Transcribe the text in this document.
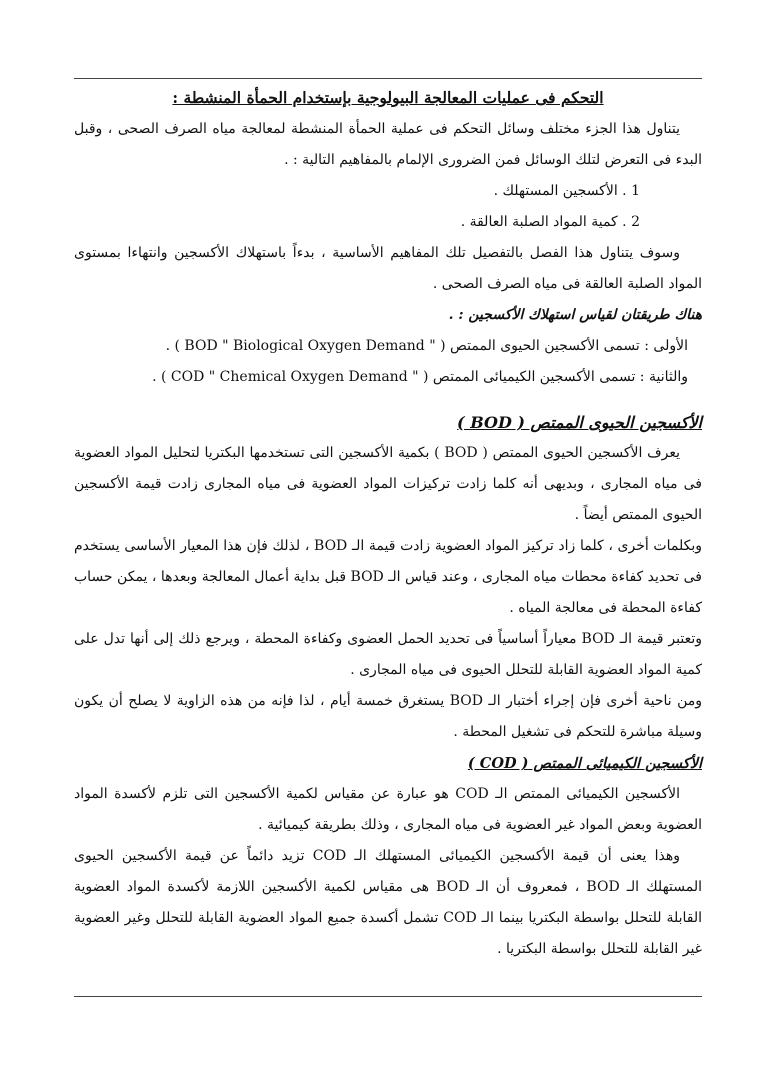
التحكم فى عمليات المعالجة البيولوجية بإستخدام الحمأة المنشطة :

يتناول هذا الجزء مختلف وسائل التحكم فى عملية الحمأة المنشطة لمعالجة مياه الصرف الصحى ، وقبل البدء فى التعرض لتلك الوسائل فمن الضرورى الإلمام بالمفاهيم التالية : .

1 . الأكسجين المستهلك .
2 . كمية المواد الصلبة العالقة .

وسوف يتناول هذا الفصل بالتفصيل تلك المفاهيم الأساسية ، بدءاً باستهلاك الأكسجين وانتهاءا بمستوى المواد الصلبة العالقة فى مياه الصرف الصحى .

هناك طريقتان لقياس استهلاك الأكسجين : .
الأولى : تسمى الأكسجين الحيوى الممتص ( " BOD " Biological Oxygen Demand ) .
والثانية : تسمى الأكسجين الكيميائى الممتص ( " COD " Chemical Oxygen Demand ) .
الأكسجين الحيوى الممتص ( BOD )

يعرف الأكسجين الحيوى الممتص ( BOD ) بكمية الأكسجين التى تستخدمها البكتريا لتحليل المواد العضوية فى مياه المجارى ، وبديهى أنه كلما زادت تركيزات المواد العضوية فى مياه المجارى زادت قيمة الأكسجين الحيوى الممتص أيضاً .

وبكلمات أخرى ، كلما زاد تركيز المواد العضوية زادت قيمة الـ BOD ، لذلك فإن هذا المعيار الأساسى يستخدم فى تحديد كفاءة محطات مياه المجارى ، وعند قياس الـ BOD قبل بداية أعمال المعالجة وبعدها ، يمكن حساب كفاءة المحطة فى معالجة المياه .

وتعتبر قيمة الـ BOD معياراً أساسياً فى تحديد الحمل العضوى وكفاءة المحطة ، ويرجع ذلك إلى أنها تدل على كمية المواد العضوية القابلة للتحلل الحيوى فى مياه المجارى .

ومن ناحية أخرى فإن إجراء أختبار الـ BOD يستغرق خمسة أيام ، لذا فإنه من هذه الزاوية لا يصلح أن يكون وسيلة مباشرة للتحكم فى تشغيل المحطة .

الأكسجين الكيميائى الممتص ( COD )

الأكسجين الكيميائى الممتص الـ COD هو عبارة عن مقياس لكمية الأكسجين التى تلزم لأكسدة المواد العضوية وبعض المواد غير العضوية فى مياه المجارى ، وذلك بطريقة كيميائية .

وهذا يعنى أن قيمة الأكسجين الكيميائى المستهلك الـ COD تزيد دائماً عن قيمة الأكسجين الحيوى المستهلك الـ BOD ، فمعروف أن الـ BOD هى مقياس لكمية الأكسجين اللازمة لأكسدة المواد العضوية القابلة للتحلل بواسطة البكتريا بينما الـ COD تشمل أكسدة جميع المواد العضوية القابلة للتحلل وغير العضوية غير القابلة للتحلل بواسطة البكتريا .
